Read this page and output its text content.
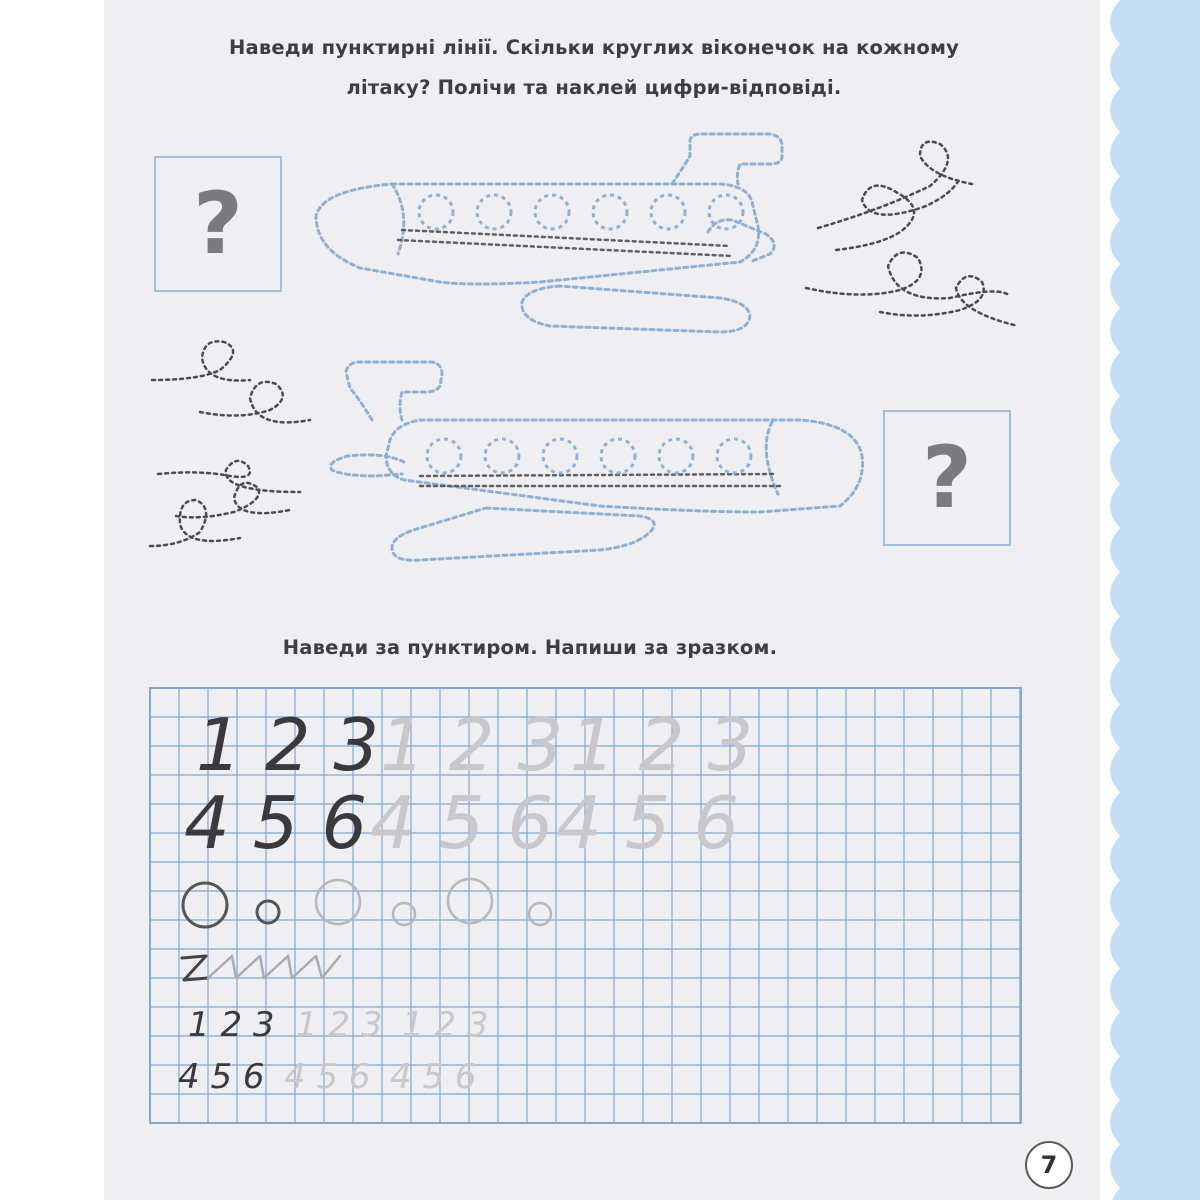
Наведи пунктирні лінії. Скільки круглих віконечок на кожному
літаку? Полічи та наклей цифри-відповіді.
?
?
1 2 3 1 2 3 1 2 3
4 5 6 4 5 6 4 5 6
1 2 3 1 2 3 1 2 3
4 5 6 4 5 6 4 5 6
Наведи за пунктиром. Напиши за зразком.
7
